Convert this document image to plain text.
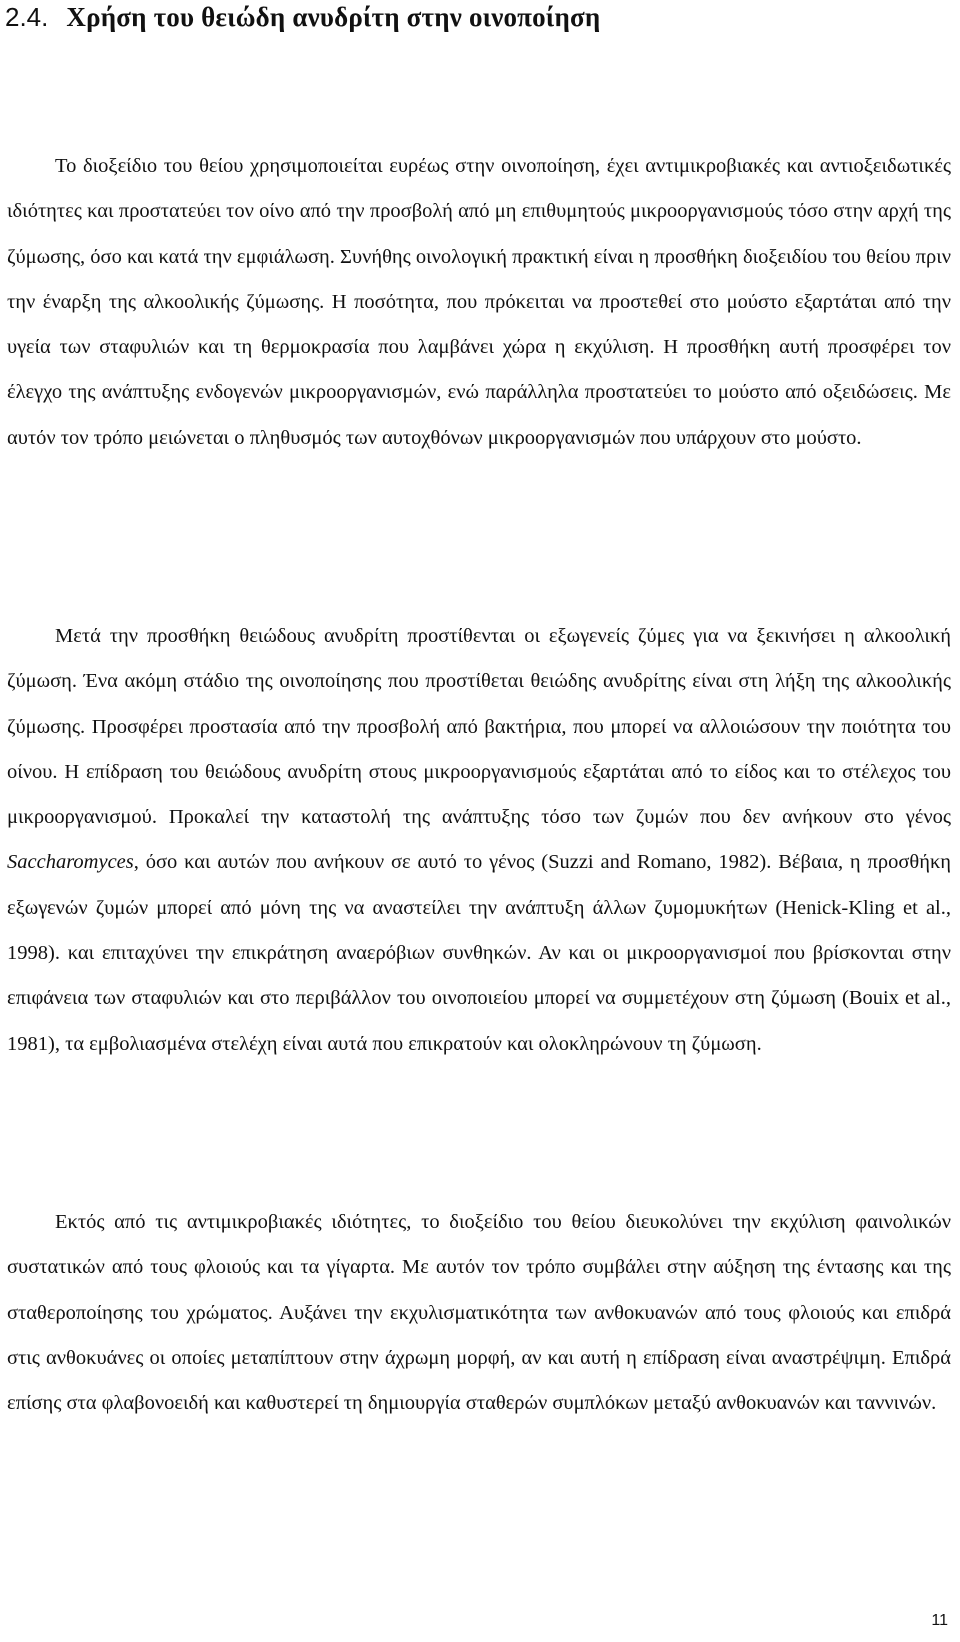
2.4. Χρήση του θειώδη ανυδρίτη στην οινοποίηση

Το διοξείδιο του θείου χρησιμοποιείται ευρέως στην οινοποίηση, έχει αντιμικροβιακές και αντιοξειδωτικές ιδιότητες και προστατεύει τον οίνο από την προσβολή από μη επιθυμητούς μικροοργανισμούς τόσο στην αρχή της ζύμωσης, όσο και κατά την εμφιάλωση. Συνήθης οινολογική πρακτική είναι η προσθήκη διοξειδίου του θείου πριν την έναρξη της αλκοολικής ζύμωσης. Η ποσότητα, που πρόκειται να προστεθεί στο μούστο εξαρτάται από την υγεία των σταφυλιών και τη θερμοκρασία που λαμβάνει χώρα η εκχύλιση. Η προσθήκη αυτή προσφέρει τον έλεγχο της ανάπτυξης ενδογενών μικροοργανισμών, ενώ παράλληλα προστατεύει το μούστο από οξειδώσεις. Με αυτόν τον τρόπο μειώνεται ο πληθυσμός των αυτοχθόνων μικροοργανισμών που υπάρχουν στο μούστο.

Μετά την προσθήκη θειώδους ανυδρίτη προστίθενται οι εξωγενείς ζύμες για να ξεκινήσει η αλκοολική ζύμωση. Ένα ακόμη στάδιο της οινοποίησης που προστίθεται θειώδης ανυδρίτης είναι στη λήξη της αλκοολικής ζύμωσης. Προσφέρει προστασία από την προσβολή από βακτήρια, που μπορεί να αλλοιώσουν την ποιότητα του οίνου. Η επίδραση του θειώδους ανυδρίτη στους μικροοργανισμούς εξαρτάται από το είδος και το στέλεχος του μικροοργανισμού. Προκαλεί την καταστολή της ανάπτυξης τόσο των ζυμών που δεν ανήκουν στο γένος Saccharomyces, όσο και αυτών που ανήκουν σε αυτό το γένος (Suzzi and Romano, 1982). Βέβαια, η προσθήκη εξωγενών ζυμών μπορεί από μόνη της να αναστείλει την ανάπτυξη άλλων ζυμομυκήτων (Henick-Kling et al., 1998). και επιταχύνει την επικράτηση αναερόβιων συνθηκών. Αν και οι μικροοργανισμοί που βρίσκονται στην επιφάνεια των σταφυλιών και στο περιβάλλον του οινοποιείου μπορεί να συμμετέχουν στη ζύμωση (Bouix et al., 1981), τα εμβολιασμένα στελέχη είναι αυτά που επικρατούν και ολοκληρώνουν τη ζύμωση.

Εκτός από τις αντιμικροβιακές ιδιότητες, το διοξείδιο του θείου διευκολύνει την εκχύλιση φαινολικών συστατικών από τους φλοιούς και τα γίγαρτα. Με αυτόν τον τρόπο συμβάλει στην αύξηση της έντασης και της σταθεροποίησης του χρώματος. Αυξάνει την εκχυλισματικότητα των ανθοκυανών από τους φλοιούς και επιδρά στις ανθοκυάνες οι οποίες μεταπίπτουν στην άχρωμη μορφή, αν και αυτή η επίδραση είναι αναστρέψιμη. Επιδρά επίσης στα φλαβονοειδή και καθυστερεί τη δημιουργία σταθερών συμπλόκων μεταξύ ανθοκυανών και ταννινών.

11
